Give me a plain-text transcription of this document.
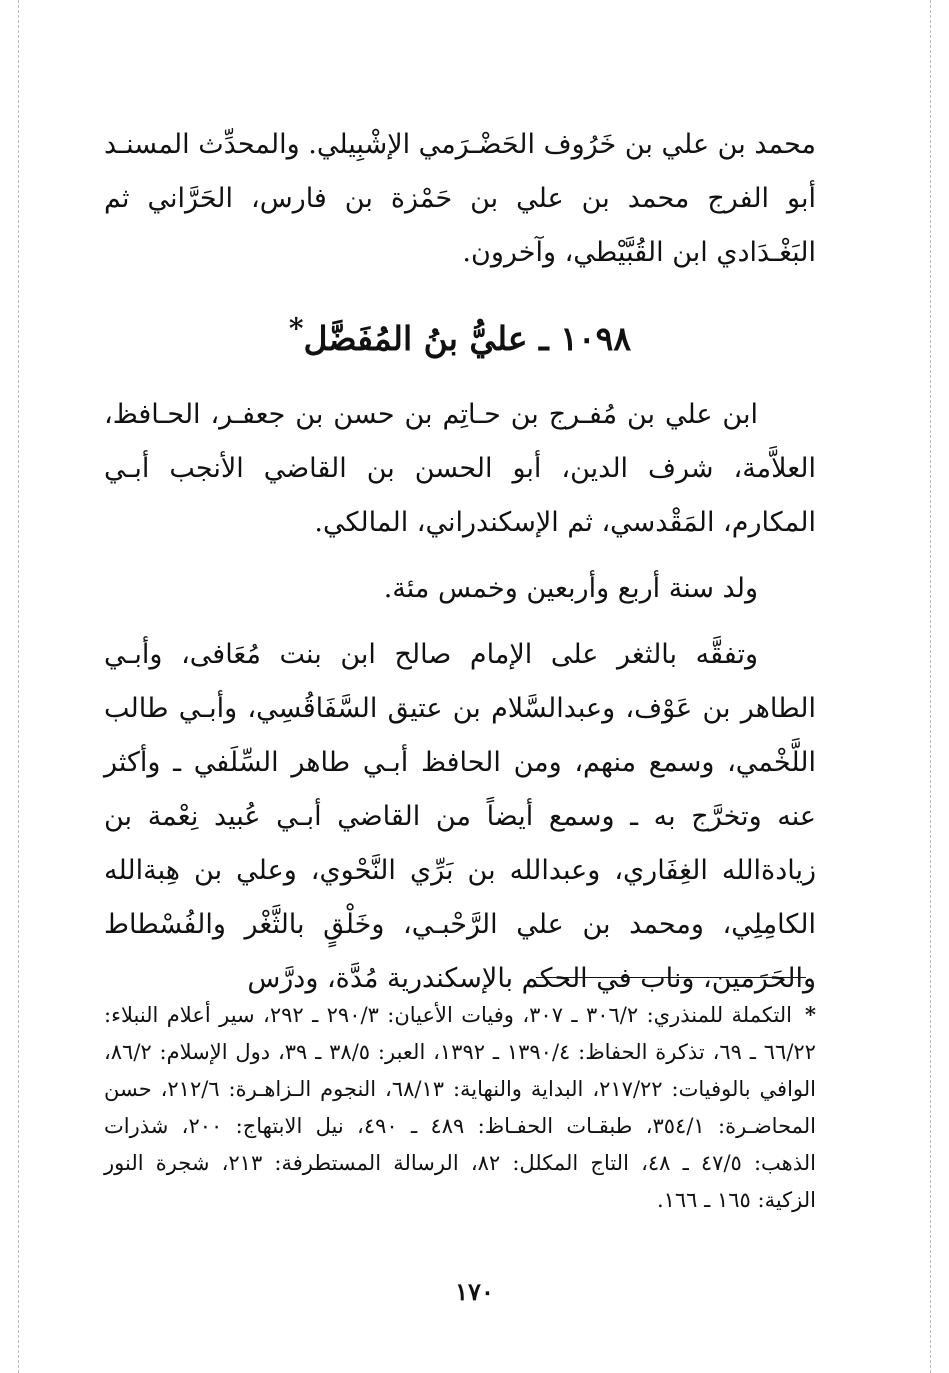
محمد بن علي بن خَرُوف الحَضْـرَمي الإشْبِيلي. والمحدِّث المسنـد أبو الفرج محمد بن علي بن حَمْزة بن فارس، الحَرَّاني ثم البَغْـدَادي ابن القُبَّيْطي، وآخرون.

١٠٩٨ ـ عليُّ بنُ المُفَضَّل*

ابن علي بن مُفـرج بن حـاتِم بن حسن بن جعفـر، الحـافظ، العلاَّمة، شرف الدين، أبو الحسن بن القاضي الأنجب أبـي المكارم، المَقْدسي، ثم الإسكندراني، المالكي.

ولد سنة أربع وأربعين وخمس مئة.

وتفقَّه بالثغر على الإمام صالح ابن بنت مُعَافى، وأبـي الطاهر بن عَوْف، وعبدالسَّلام بن عتيق السَّفَاقُسِي، وأبـي طالب اللَّخْمي، وسمع منهم، ومن الحافظ أبـي طاهر السِّلَفي ـ وأكثر عنه وتخرَّج به ـ وسمع أيضاً من القاضي أبـي عُبيد نِعْمة بن زيادةالله الغِفَاري، وعبدالله بن بَرِّي النَّحْوي، وعلي بن هِبةالله الكامِلِي، ومحمد بن علي الرَّحْبـي، وخَلْقٍ بالثَّغْر والفُسْطاط والحَرَمين، وناب في الحكم بالإسكندرية مُدَّة، ودرَّس

*التكملة للمنذري: ٣٠٦/٢ ـ ٣٠٧، وفيات الأعيان: ٢٩٠/٣ ـ ٢٩٢، سير أعلام النبلاء: ٦٦/٢٢ ـ ٦٩، تذكرة الحفاظ: ١٣٩٠/٤ ـ ١٣٩٢، العبر: ٣٨/٥ ـ ٣٩، دول الإسلام: ٨٦/٢، الوافي بالوفيات: ٢١٧/٢٢، البداية والنهاية: ٦٨/١٣، النجوم الـزاهـرة: ٢١٢/٦، حسن المحاضـرة: ٣٥٤/١، طبقـات الحفـاظ: ٤٨٩ ـ ٤٩٠، نيل الابتهاج: ٢٠٠، شذرات الذهب: ٤٧/٥ ـ ٤٨، التاج المكلل: ٨٢، الرسالة المستطرفة: ٢١٣، شجرة النور الزكية: ١٦٥ ـ ١٦٦.

١٧٠
